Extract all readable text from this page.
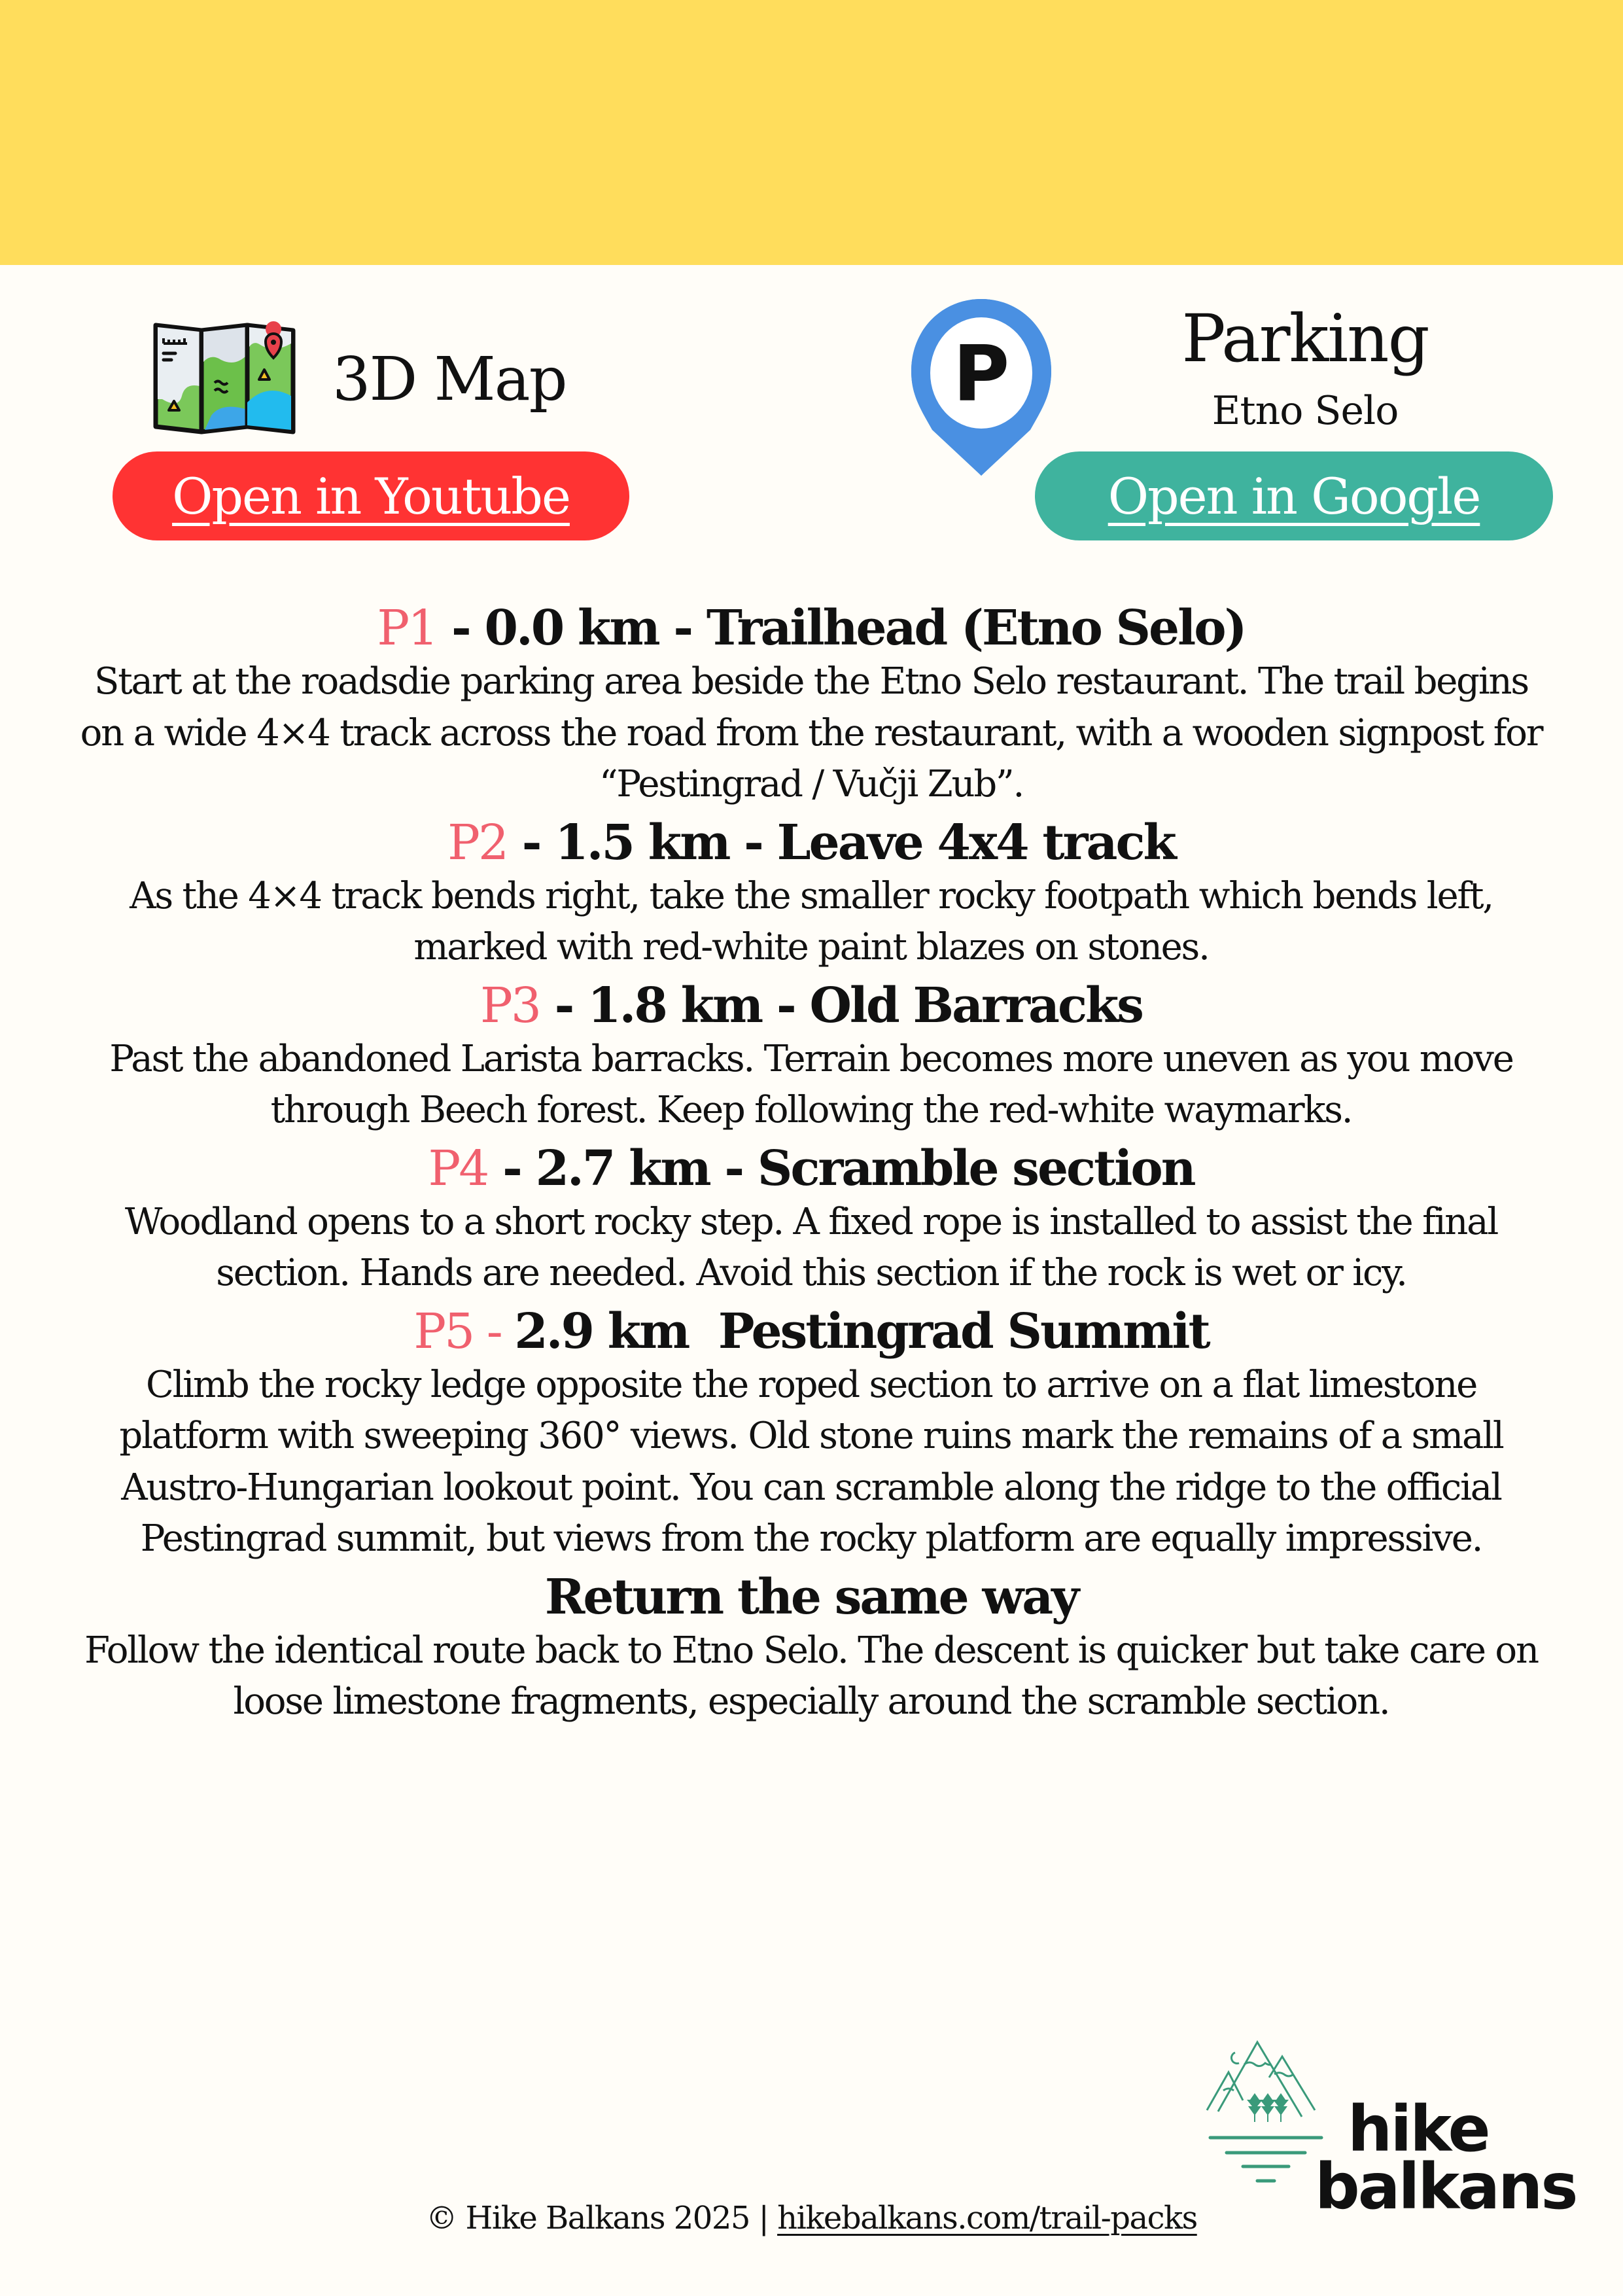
3D Map
Open in Youtube
P	Parking
Etno Selo
Open in Google

P1 - 0.0 km - Trailhead (Etno Selo)

Start at the roadsdie parking area beside the Etno Selo restaurant. The trail begins on a wide 4×4 track across the road from the restaurant, with a wooden signpost for “Pestingrad / Vučji Zub”.

P2 - 1.5 km - Leave 4x4 track

As the 4×4 track bends right, take the smaller rocky footpath which bends left, marked with red-white paint blazes on stones.

P3 - 1.8 km - Old Barracks

Past the abandoned Larista barracks. Terrain becomes more uneven as you move through Beech forest. Keep following the red-white waymarks.

P4 - 2.7 km - Scramble section

Woodland opens to a short rocky step. A fixed rope is installed to assist the final section. Hands are needed. Avoid this section if the rock is wet or icy.

P5 - 2.9 km  Pestingrad Summit

Climb the rocky ledge opposite the roped section to arrive on a flat limestone platform with sweeping 360° views. Old stone ruins mark the remains of a small Austro-Hungarian lookout point. You can scramble along the ridge to the official Pestingrad summit, but views from the rocky platform are equally impressive.

Return the same way

Follow the identical route back to Etno Selo. The descent is quicker but take care on loose limestone fragments, especially around the scramble section.

hike
balkans
© Hike Balkans 2025 | hikebalkans.com/trail-packs
